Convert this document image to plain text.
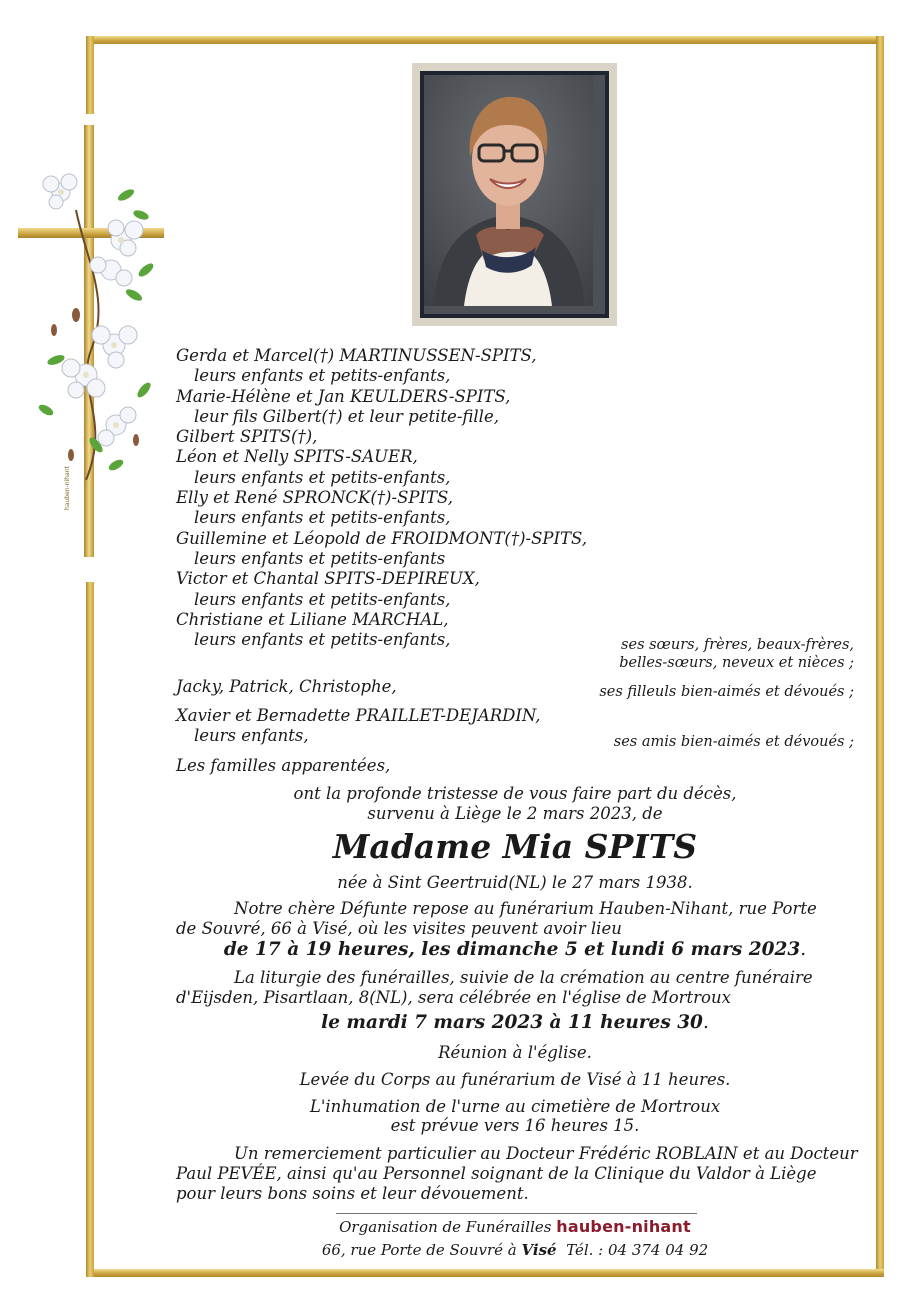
hauben-nihant
Gerda et Marcel(†) MARTINUSSEN-SPITS,
leurs enfants et petits-enfants,
Marie-Hélène et Jan KEULDERS-SPITS,
leur fils Gilbert(†) et leur petite-fille,
Gilbert SPITS(†),
Léon et Nelly SPITS-SAUER,
leurs enfants et petits-enfants,
Elly et René SPRONCK(†)-SPITS,
leurs enfants et petits-enfants,
Guillemine et Léopold de FROIDMONT(†)-SPITS,
leurs enfants et petits-enfants
Victor et Chantal SPITS-DEPIREUX,
leurs enfants et petits-enfants,
Christiane et Liliane MARCHAL,
leurs enfants et petits-enfants,	ses sœurs, frères, beaux-frères,
belles-sœurs, neveux et nièces ;
ses filleuls bien-aimés et dévoués ;
ses amis bien-aimés et dévoués ;
Jacky, Patrick, Christophe,
Xavier et Bernadette PRAILLET-DEJARDIN,
leurs enfants,
Les familles apparentées,
ont la profonde tristesse de vous faire part du décès,
survenu à Liège le 2 mars 2023, de
Madame Mia SPITS
née à Sint Geertruid(NL) le 27 mars 1938.
Notre chère Défunte repose au funérarium Hauben-Nihant, rue Porte
de Souvré, 66 à Visé, où les visites peuvent avoir lieu
de 17 à 19 heures, les dimanche 5 et lundi 6 mars 2023.
La liturgie des funérailles, suivie de la crémation au centre funéraire
d'Eijsden, Pisartlaan, 8(NL), sera célébrée en l'église de Mortroux
le mardi 7 mars 2023 à 11 heures 30.
Réunion à l'église.
Levée du Corps au funérarium de Visé à 11 heures.
L'inhumation de l'urne au cimetière de Mortroux
est prévue vers 16 heures 15.
Un remerciement particulier au Docteur Frédéric ROBLAIN et au Docteur
Paul PEVÉE, ainsi qu'au Personnel soignant de la Clinique du Valdor à Liège
pour leurs bons soins et leur dévouement.
Organisation de Funérailles hauben-nihant
66, rue Porte de Souvré à Visé Tél. : 04 374 04 92
